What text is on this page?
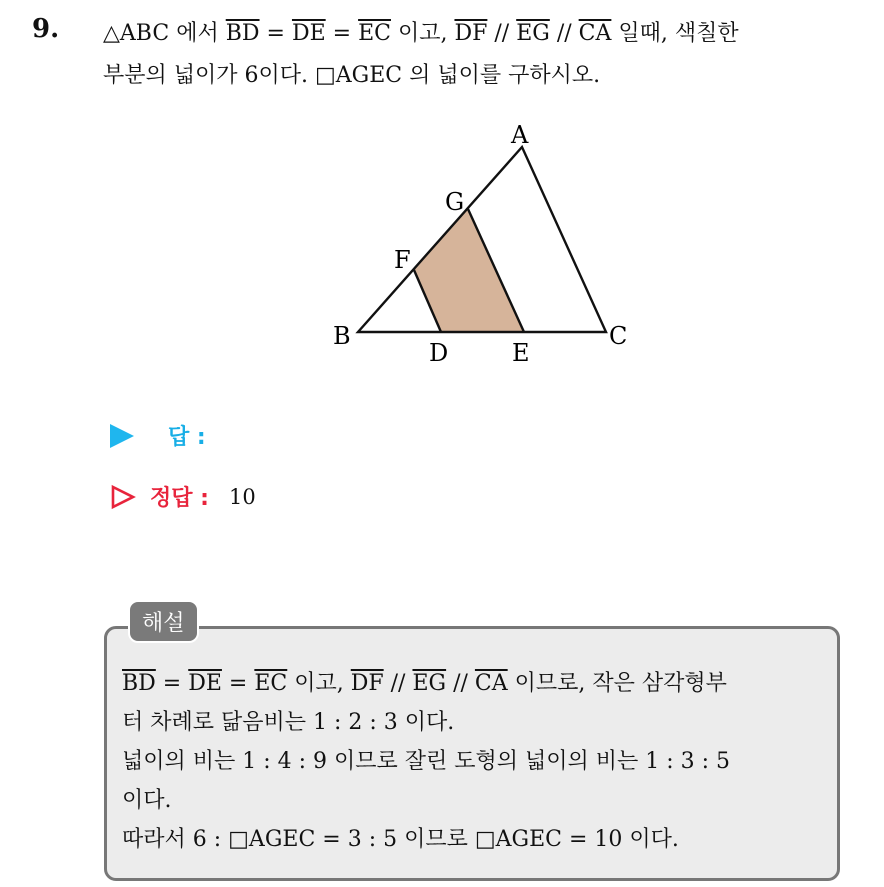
9. △ABC 에서 $\overline{BD} = \overline{DE} = \overline{EC}$ 이고, $\overline{DF} // \overline{EG} // \overline{CA}$ 일때, 색칠한
부분의 넓이가 6이다. □AGEC 의 넓이를 구하시오.
A
B	C
D	E
F
G
답 :
정답 : 10
해설
$\overline{BD} = \overline{DE} = \overline{EC}$ 이고, $\overline{DF} // \overline{EG} // \overline{CA}$ 이므로, 작은 삼각형부
터 차례로 닮음비는 1 : 2 : 3 이다.
넓이의 비는 1 : 4 : 9 이므로 잘린 도형의 넓이의 비는 1 : 3 : 5
이다.
따라서 6 : □AGEC = 3 : 5 이므로 □AGEC = 10 이다.
